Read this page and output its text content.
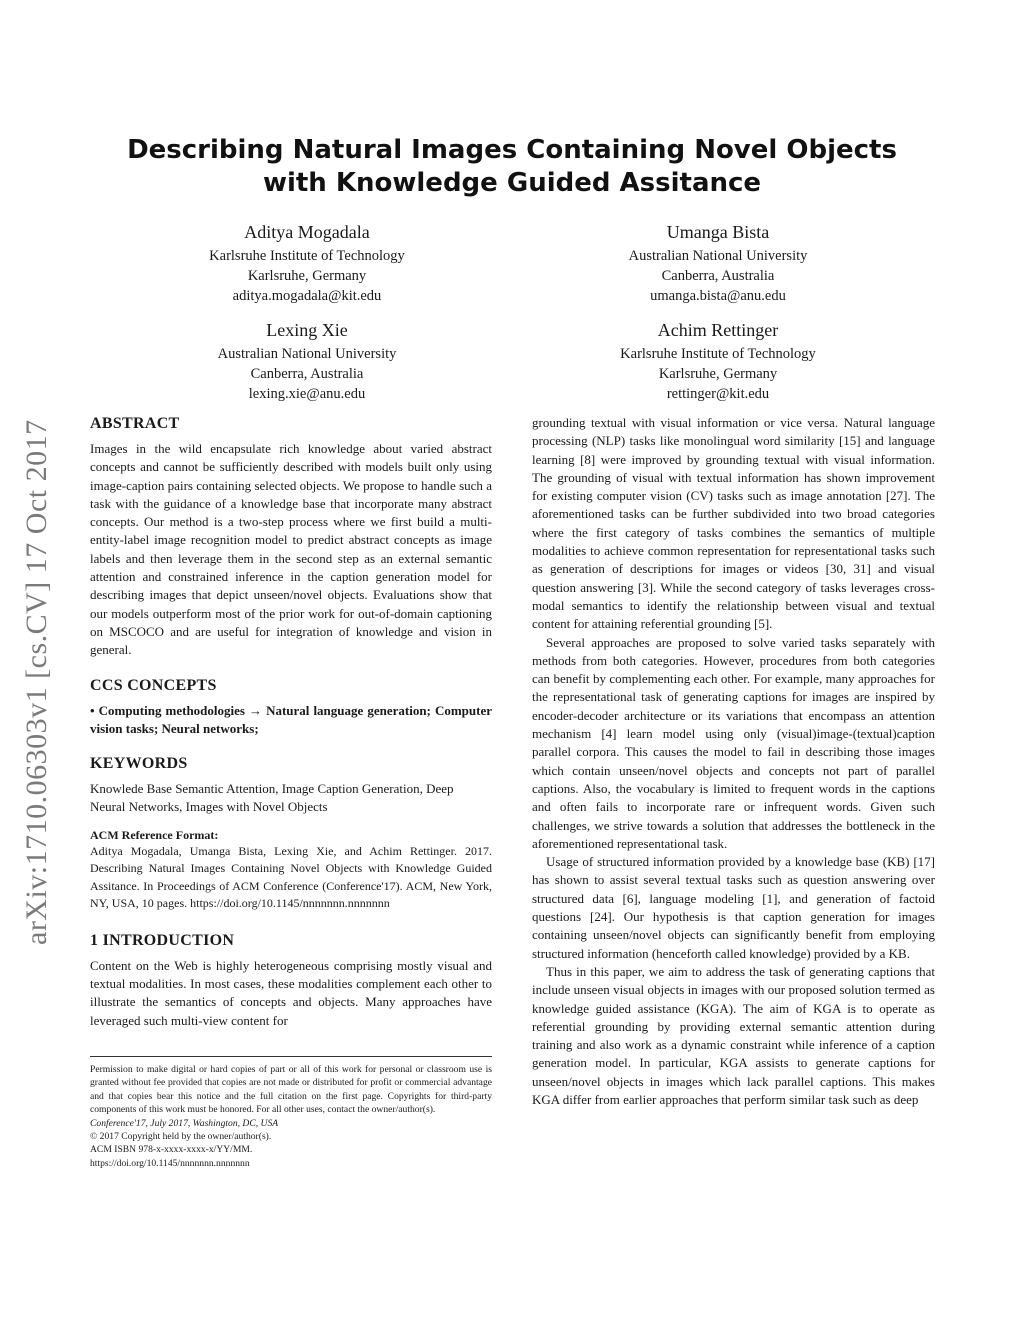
Describing Natural Images Containing Novel Objects with Knowledge Guided Assitance
Aditya Mogadala
Karlsruhe Institute of Technology
Karlsruhe, Germany
aditya.mogadala@kit.edu
Umanga Bista
Australian National University
Canberra, Australia
umanga.bista@anu.edu
Lexing Xie
Australian National University
Canberra, Australia
lexing.xie@anu.edu
Achim Rettinger
Karlsruhe Institute of Technology
Karlsruhe, Germany
rettinger@kit.edu
arXiv:1710.06303v1 [cs.CV] 17 Oct 2017 ABSTRACT

Images in the wild encapsulate rich knowledge about varied abstract concepts and cannot be sufficiently described with models built only using image-caption pairs containing selected objects. We propose to handle such a task with the guidance of a knowledge base that incorporate many abstract concepts. Our method is a two-step process where we first build a multi-entity-label image recognition model to predict abstract concepts as image labels and then leverage them in the second step as an external semantic attention and constrained inference in the caption generation model for describing images that depict unseen/novel objects. Evaluations show that our models outperform most of the prior work for out-of-domain captioning on MSCOCO and are useful for integration of knowledge and vision in general.

CCS CONCEPTS

• Computing methodologies → Natural language generation; Computer vision tasks; Neural networks;

KEYWORDS

Knowlede Base Semantic Attention, Image Caption Generation, Deep Neural Networks, Images with Novel Objects

ACM Reference Format:

Aditya Mogadala, Umanga Bista, Lexing Xie, and Achim Rettinger. 2017. Describing Natural Images Containing Novel Objects with Knowledge Guided Assitance. In Proceedings of ACM Conference (Conference'17). ACM, New York, NY, USA, 10 pages. https://doi.org/10.1145/nnnnnnn.nnnnnnn

1 INTRODUCTION

Content on the Web is highly heterogeneous comprising mostly visual and textual modalities. In most cases, these modalities complement each other to illustrate the semantics of concepts and objects. Many approaches have leveraged such multi-view content for

Permission to make digital or hard copies of part or all of this work for personal or classroom use is granted without fee provided that copies are not made or distributed for profit or commercial advantage and that copies bear this notice and the full citation on the first page. Copyrights for third-party components of this work must be honored. For all other uses, contact the owner/author(s).

Conference'17, July 2017, Washington, DC, USA

© 2017 Copyright held by the owner/author(s).

ACM ISBN 978-x-xxxx-xxxx-x/YY/MM.

https://doi.org/10.1145/nnnnnnn.nnnnnnn

grounding textual with visual information or vice versa. Natural language processing (NLP) tasks like monolingual word similarity [15] and language learning [8] were improved by grounding textual with visual information. The grounding of visual with textual information has shown improvement for existing computer vision (CV) tasks such as image annotation [27]. The aforementioned tasks can be further subdivided into two broad categories where the first category of tasks combines the semantics of multiple modalities to achieve common representation for representational tasks such as generation of descriptions for images or videos [30, 31] and visual question answering [3]. While the second category of tasks leverages cross-modal semantics to identify the relationship between visual and textual content for attaining referential grounding [5].

Several approaches are proposed to solve varied tasks separately with methods from both categories. However, procedures from both categories can benefit by complementing each other. For example, many approaches for the representational task of generating captions for images are inspired by encoder-decoder architecture or its variations that encompass an attention mechanism [4] learn model using only (visual)image-(textual)caption parallel corpora. This causes the model to fail in describing those images which contain unseen/novel objects and concepts not part of parallel captions. Also, the vocabulary is limited to frequent words in the captions and often fails to incorporate rare or infrequent words. Given such challenges, we strive towards a solution that addresses the bottleneck in the aforementioned representational task.

Usage of structured information provided by a knowledge base (KB) [17] has shown to assist several textual tasks such as question answering over structured data [6], language modeling [1], and generation of factoid questions [24]. Our hypothesis is that caption generation for images containing unseen/novel objects can significantly benefit from employing structured information (henceforth called knowledge) provided by a KB.

Thus in this paper, we aim to address the task of generating captions that include unseen visual objects in images with our proposed solution termed as knowledge guided assistance (KGA). The aim of KGA is to operate as referential grounding by providing external semantic attention during training and also work as a dynamic constraint while inference of a caption generation model. In particular, KGA assists to generate captions for unseen/novel objects in images which lack parallel captions. This makes KGA differ from earlier approaches that perform similar task such as deep
